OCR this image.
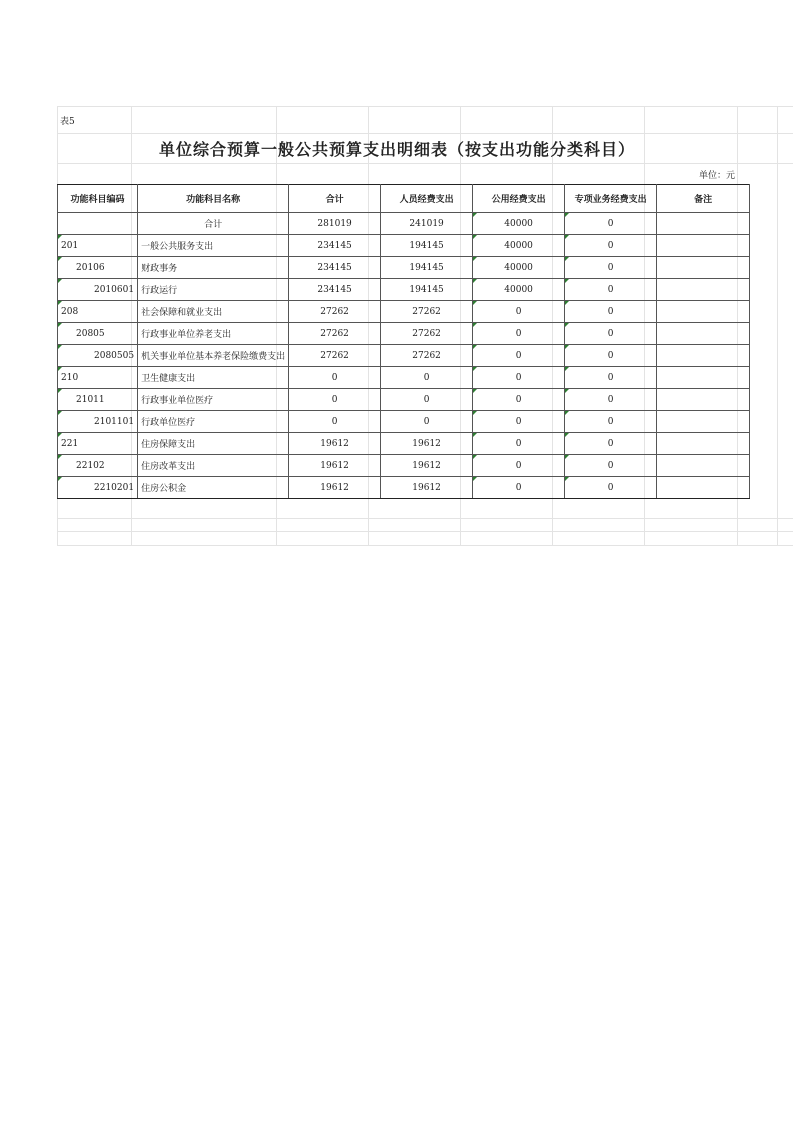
表5
单位综合预算一般公共预算支出明细表（按支出功能分类科目）
单位：元
功能科目编码	功能科目名称	合计	人员经费支出	公用经费支出	专项业务经费支出	备注
	合计	281019	241019	40000	0	
201	一般公共服务支出	234145	194145	40000	0	
20106	财政事务	234145	194145	40000	0	
2010601	行政运行	234145	194145	40000	0	
208	社会保障和就业支出	27262	27262	0	0	
20805	行政事业单位养老支出	27262	27262	0	0	
2080505	机关事业单位基本养老保险缴费支出	27262	27262	0	0	
210	卫生健康支出	0	0	0	0	
21011	行政事业单位医疗	0	0	0	0	
2101101	行政单位医疗	0	0	0	0	
221	住房保障支出	19612	19612	0	0	
22102	住房改革支出	19612	19612	0	0	
2210201	住房公积金	19612	19612	0	0	
